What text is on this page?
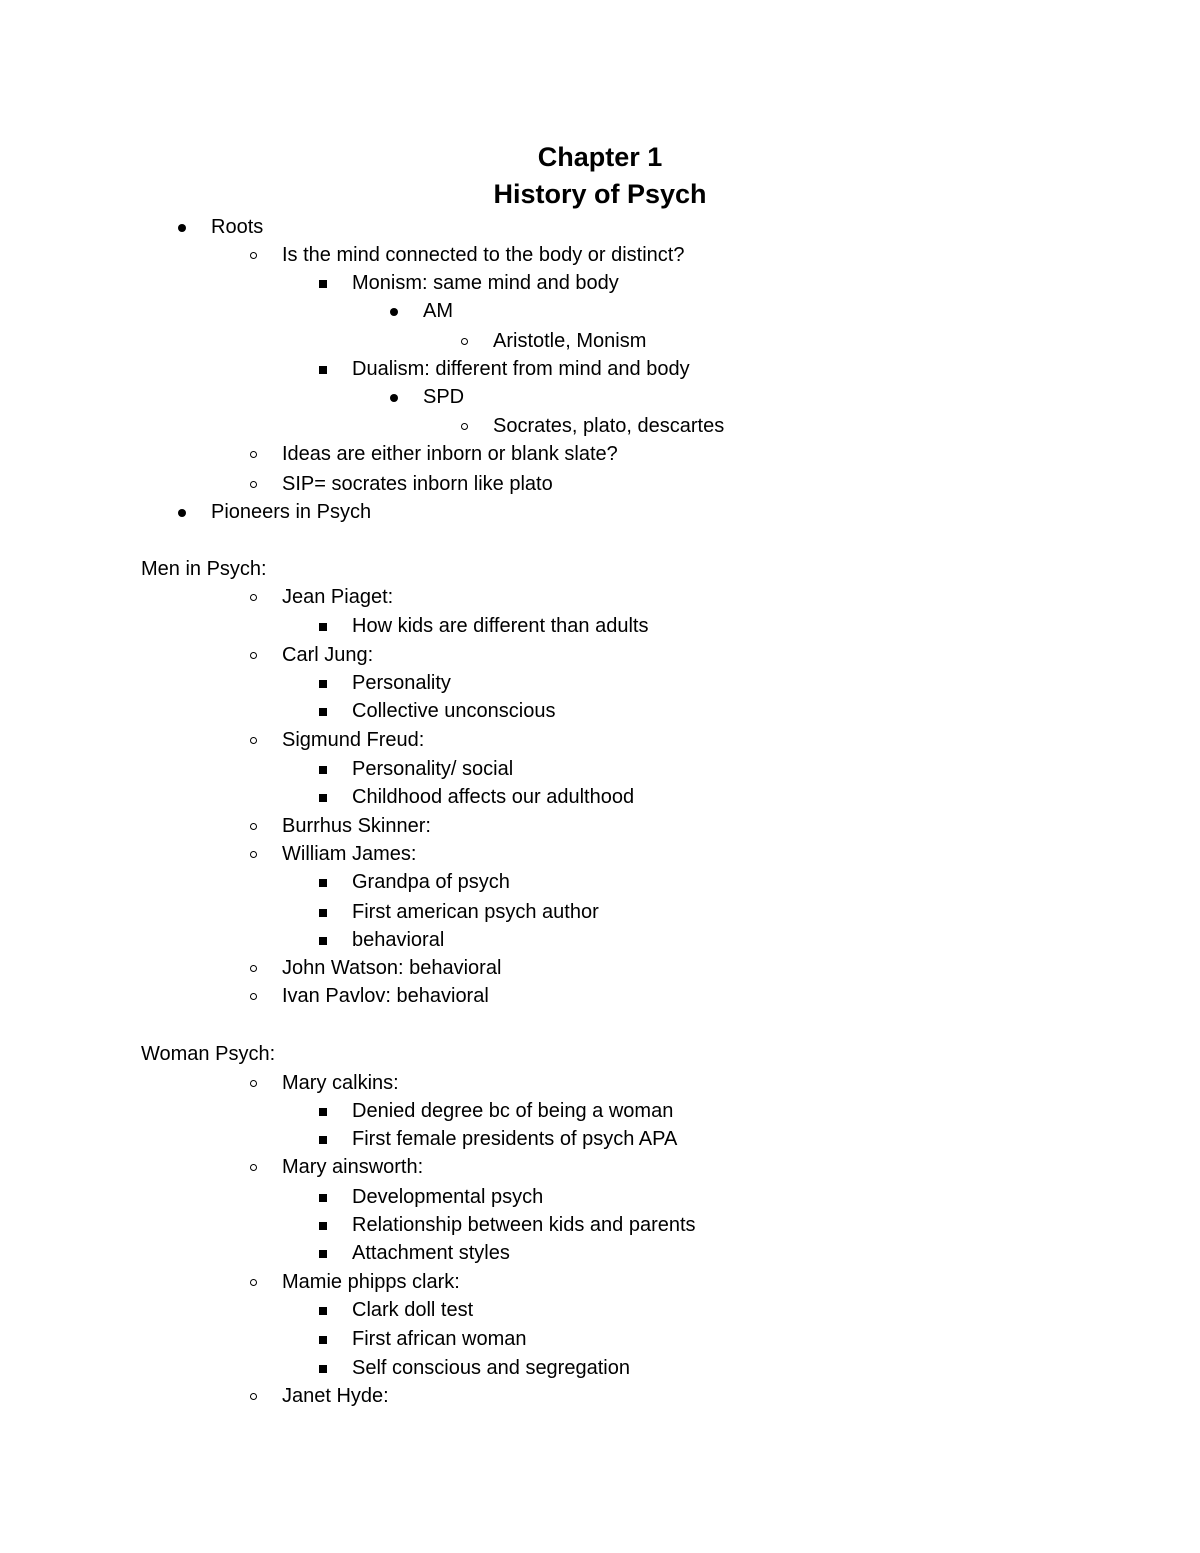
Chapter 1
History of Psych
Roots
Is the mind connected to the body or distinct?
Monism: same mind and body
AM
Aristotle, Monism
Dualism: different from mind and body
SPD
Socrates, plato, descartes
Ideas are either inborn or blank slate?
SIP= socrates inborn like plato
Pioneers in Psych
Men in Psych:
Jean Piaget:
How kids are different than adults
Carl Jung:
Personality
Collective unconscious
Sigmund Freud:
Personality/ social
Childhood affects our adulthood
Burrhus Skinner:
William James:
Grandpa of psych
First american psych author
behavioral
John Watson: behavioral
Ivan Pavlov: behavioral
Woman Psych:
Mary calkins:
Denied degree bc of being a woman
First female presidents of psych APA
Mary ainsworth:
Developmental psych
Relationship between kids and parents
Attachment styles
Mamie phipps clark:
Clark doll test
First african woman
Self conscious and segregation
Janet Hyde:
